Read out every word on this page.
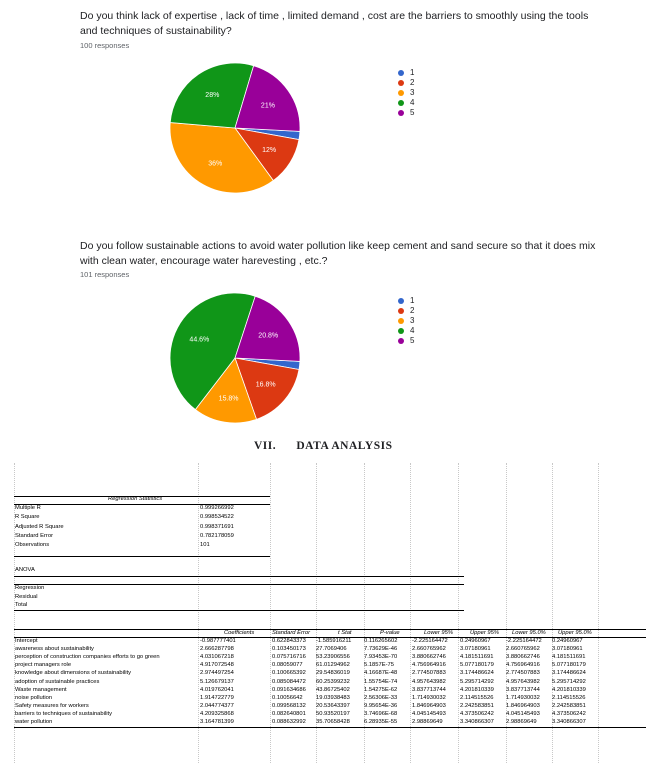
Do you think lack of expertise , lack of time , limited demand , cost are the barriers to smoothly using the tools and techniques of sustainability?
100 responses
12%
36%
28%
21%
1
2
3
4
5
Do you follow sustainable actions to avoid water pollution like keep cement and sand secure so that it does mix with clean water, encourage water harevesting , etc.?
101 responses
16.8%
15.8%
44.6%
20.8%
1
2
3
4
5
VII.      DATA ANALYSIS
Regression Statistics
Multiple R	0.999266992
R Square	0.998534522
Adjusted R Square	0.998371691
Standard Error	0.782178059
Observations	101
ANOVA
Regression
Residual
Total
Coefficients	Standard Error	t Stat	P-value	Lower 95%	Upper 95% Lower 95.0% Upper 95.0%
Intercept	-0.987777401	0.622843373 -1.585916211 0.116265602	-2.225164472 0.24960967	-2.225164472 0.24960967
awareness about sustainability	2.666287798	0.103450173 27.7069406	7.73629E-46	2.660765962 3.07180961	2.660765962 3.07180961
perception of construction companies efforts to go green	4.031067218	0.075716716 53.23906556 7.93453E-70	3.880662746 4.181511691 3.880662746 4.181511691
project managers role	4.917072548	0.08059077 61.01294962 5.1857E-75	4.756964916 5.077180179 4.756964916 5.077180179
knowledge about dimensions of sustainability	2.974497254	0.100665392 29.54836019 4.16687E-48	2.774507883 3.174486624 2.774507883 3.174486624
adoption of sustainable practices	5.126679137	0.085084472 60.25399232 1.55754E-74	4.957643982 5.295714292 4.957643982 5.295714292
Waste management	4.019762041	0.091634686 43.86725402 1.54275E-62	3.837713744 4.201810339 3.837713744 4.201810339
noise pollution	1.914722779	0.10056642 19.03938483 2.56306E-33	1.714930032 2.114515526 1.714930032 2.114515526
Safety measures for workers	2.044774377	0.099568132 20.53643397 9.95654E-36	1.846964903 2.242583851 1.846964903 2.242583851
barriers to techniques of sustainability	4.209325868	0.082640801 50.93520197 3.74696E-68	4.045145493 4.373506242 4.045145493 4.373506242
water pollution	3.164781399	0.088632992 35.70658428 6.28935E-55	2.98869649	3.340866307 2.98869649	3.340866307
